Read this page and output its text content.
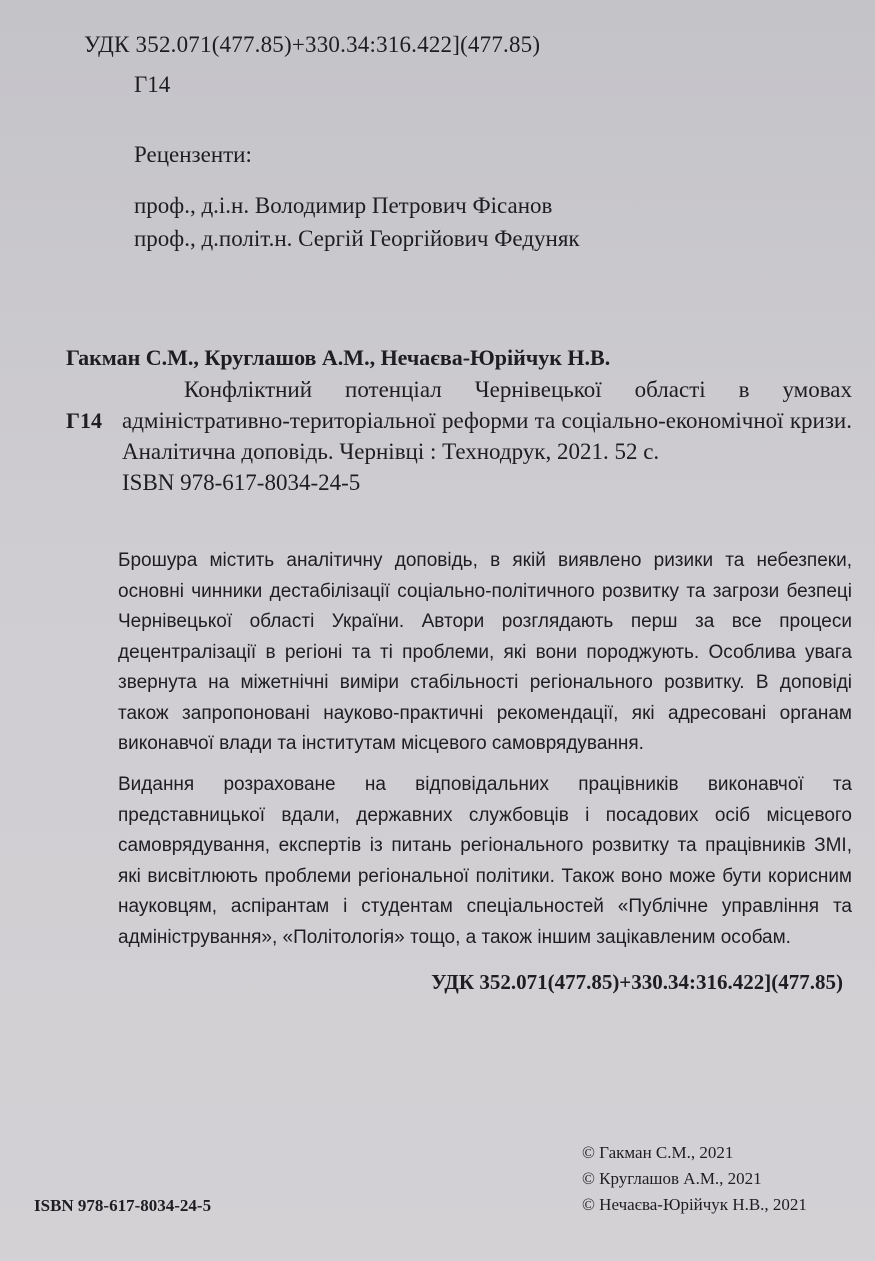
УДК 352.071(477.85)+330.34:316.422](477.85)
Г14
Рецензенти:
проф., д.і.н. Володимир Петрович Фісанов
проф., д.політ.н. Сергій Георгійович Федуняк
Гакман С.М., Круглашов А.М., Нечаєва-Юрійчук Н.В.
Г14
Конфліктний потенціал Чернівецької області в умовах адміністративно-територіальної реформи та соціально-економічної кризи. Аналітична доповідь. Чернівці : Технодрук, 2021. 52 с.
ISBN 978-617-8034-24-5
Брошура містить аналітичну доповідь, в якій виявлено ризики та небезпеки, основні чинники дестабілізації соціально-політичного розвитку та загрози безпеці Чернівецької області України. Автори розглядають перш за все процеси децентралізації в регіоні та ті проблеми, які вони породжують. Особлива увага звернута на міжетнічні виміри стабільності регіонального розвитку. В доповіді також запропоновані науково-практичні рекомендації, які адресовані органам виконавчої влади та інститутам місцевого самоврядування.
Видання розраховане на відповідальних працівників виконавчої та представницької вдали, державних службовців і посадових осіб місцевого самоврядування, експертів із питань регіонального розвитку та працівників ЗМІ, які висвітлюють проблеми регіональної політики. Також воно може бути корисним науковцям, аспірантам і студентам спеціальностей «Публічне управління та адміністрування», «Політологія» тощо, а також іншим зацікавленим особам.
УДК 352.071(477.85)+330.34:316.422](477.85)
© Гакман С.М., 2021
© Круглашов А.М., 2021
© Нечаєва-Юрійчук Н.В., 2021
ISBN 978-617-8034-24-5
